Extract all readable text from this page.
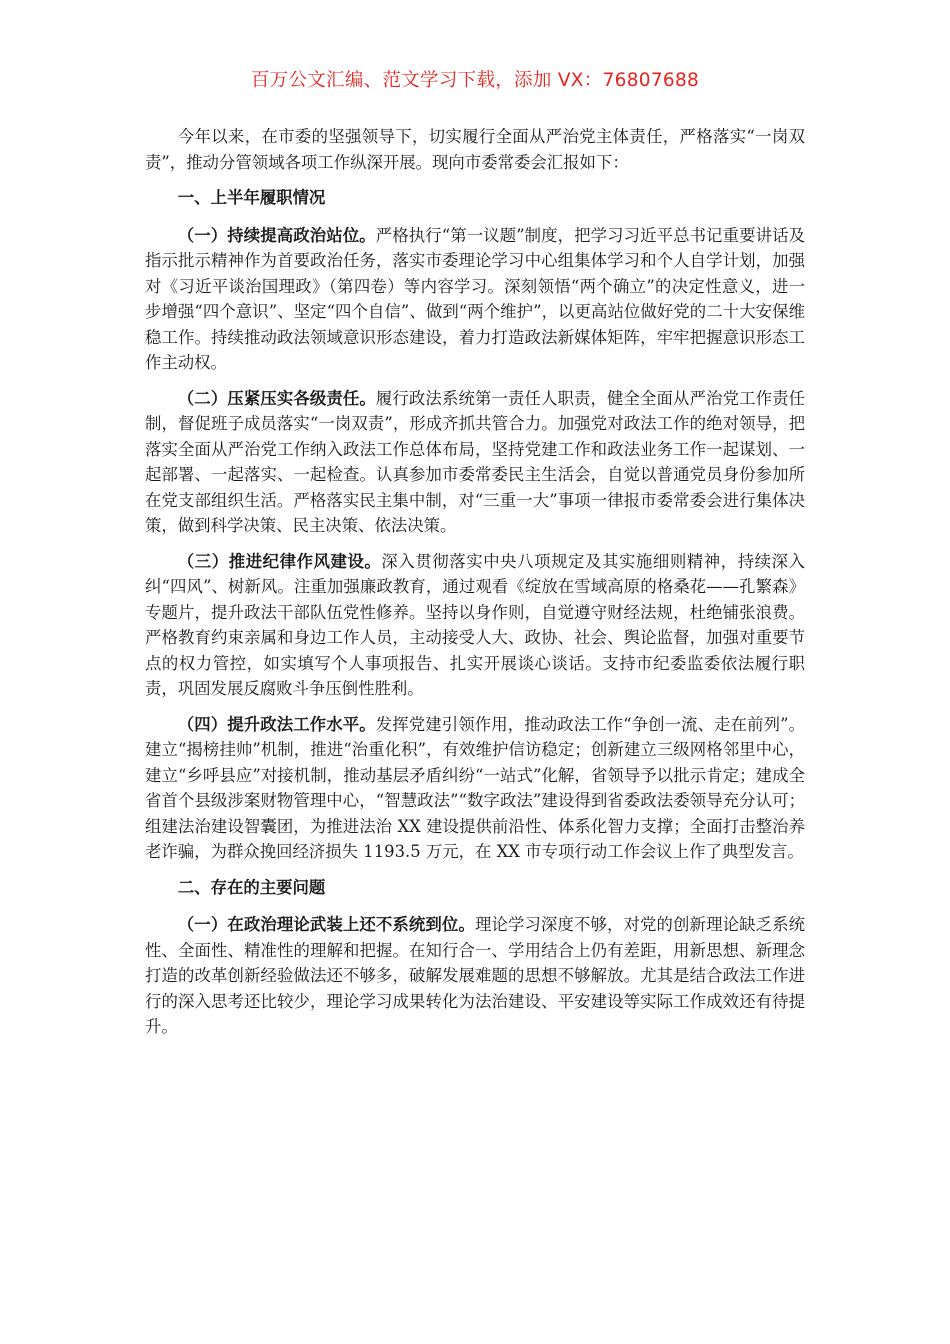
百万公文汇编、范文学习下载，添加 VX：76807688

今年以来，在市委的坚强领导下，切实履行全面从严治党主体责任，严格落实“一岗双责”，推动分管领域各项工作纵深开展。现向市委常委会汇报如下：

一、上半年履职情况

（一）持续提高政治站位。严格执行“第一议题”制度，把学习习近平总书记重要讲话及指示批示精神作为首要政治任务，落实市委理论学习中心组集体学习和个人自学计划，加强对《习近平谈治国理政》（第四卷）等内容学习。深刻领悟“两个确立”的决定性意义，进一步增强“四个意识”、坚定“四个自信”、做到“两个维护”，以更高站位做好党的二十大安保维稳工作。持续推动政法领域意识形态建设，着力打造政法新媒体矩阵，牢牢把握意识形态工作主动权。

（二）压紧压实各级责任。履行政法系统第一责任人职责，健全全面从严治党工作责任制，督促班子成员落实“一岗双责”，形成齐抓共管合力。加强党对政法工作的绝对领导，把落实全面从严治党工作纳入政法工作总体布局，坚持党建工作和政法业务工作一起谋划、一起部署、一起落实、一起检查。认真参加市委常委民主生活会，自觉以普通党员身份参加所在党支部组织生活。严格落实民主集中制，对“三重一大”事项一律报市委常委会进行集体决策，做到科学决策、民主决策、依法决策。

（三）推进纪律作风建设。深入贯彻落实中央八项规定及其实施细则精神，持续深入纠“四风”、树新风。注重加强廉政教育，通过观看《绽放在雪域高原的格桑花——孔繁森》专题片，提升政法干部队伍党性修养。坚持以身作则，自觉遵守财经法规，杜绝铺张浪费。严格教育约束亲属和身边工作人员，主动接受人大、政协、社会、舆论监督，加强对重要节点的权力管控，如实填写个人事项报告、扎实开展谈心谈话。支持市纪委监委依法履行职责，巩固发展反腐败斗争压倒性胜利。

（四）提升政法工作水平。发挥党建引领作用，推动政法工作“争创一流、走在前列”。建立“揭榜挂帅”机制，推进“治重化积”，有效维护信访稳定；创新建立三级网格邻里中心，建立“乡呼县应”对接机制，推动基层矛盾纠纷“一站式”化解，省领导予以批示肯定；建成全省首个县级涉案财物管理中心，“智慧政法”“数字政法”建设得到省委政法委领导充分认可；组建法治建设智囊团，为推进法治 XX 建设提供前沿性、体系化智力支撑；全面打击整治养老诈骗，为群众挽回经济损失 1193.5 万元，在 XX 市专项行动工作会议上作了典型发言。

二、存在的主要问题

（一）在政治理论武装上还不系统到位。理论学习深度不够，对党的创新理论缺乏系统性、全面性、精准性的理解和把握。在知行合一、学用结合上仍有差距，用新思想、新理念打造的改革创新经验做法还不够多，破解发展难题的思想不够解放。尤其是结合政法工作进行的深入思考还比较少，理论学习成果转化为法治建设、平安建设等实际工作成效还有待提升。
